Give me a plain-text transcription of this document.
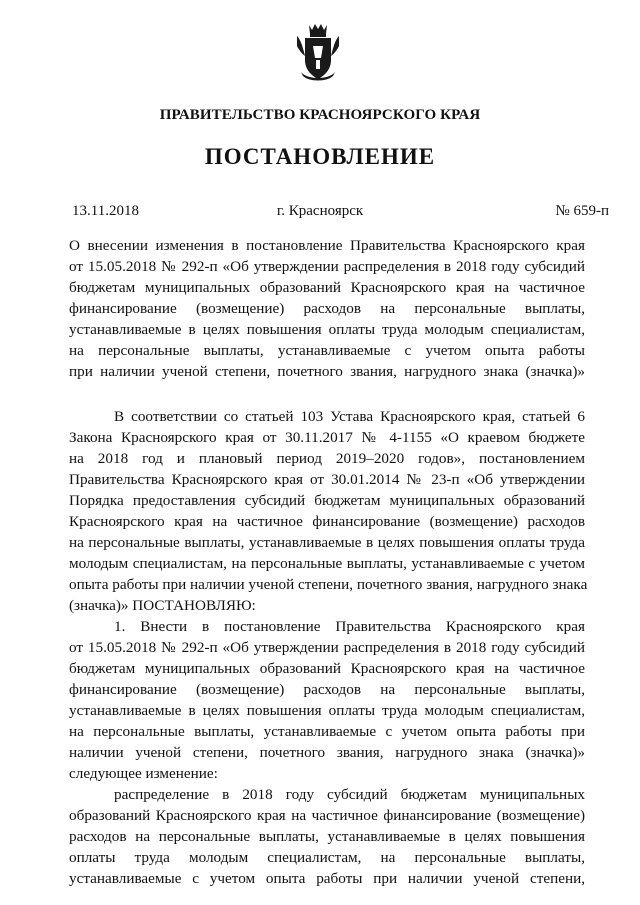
ПРАВИТЕЛЬСТВО КРАСНОЯРСКОГО КРАЯ
ПОСТАНОВЛЕНИЕ
г. Красноярск
13.11.2018	№ 659-п

О внесении изменения в постановление Правительства Красноярского края

от 15.05.2018 № 292-п «Об утверждении распределения в 2018 году субсидий

бюджетам муниципальных образований Красноярского края на частичное

финансирование (возмещение) расходов на персональные выплаты,

устанавливаемые в целях повышения оплаты труда молодым специалистам,

на персональные выплаты, устанавливаемые с учетом опыта работы

при наличии ученой степени, почетного звания, нагрудного знака (значка)»

В соответствии со статьей 103 Устава Красноярского края, статьей 6

Закона Красноярского края от 30.11.2017 № 4-1155 «О краевом бюджете

на 2018 год и плановый период 2019–2020 годов», постановлением

Правительства Красноярского края от 30.01.2014 № 23-п «Об утверждении

Порядка предоставления субсидий бюджетам муниципальных образований

Красноярского края на частичное финансирование (возмещение) расходов

на персональные выплаты, устанавливаемые в целях повышения оплаты труда

молодым специалистам, на персональные выплаты, устанавливаемые с учетом

опыта работы при наличии ученой степени, почетного звания, нагрудного знака

(значка)» ПОСТАНОВЛЯЮ:

1. Внести в постановление Правительства Красноярского края

от 15.05.2018 № 292-п «Об утверждении распределения в 2018 году субсидий

бюджетам муниципальных образований Красноярского края на частичное

финансирование (возмещение) расходов на персональные выплаты,

устанавливаемые в целях повышения оплаты труда молодым специалистам,

на персональные выплаты, устанавливаемые с учетом опыта работы при

наличии ученой степени, почетного звания, нагрудного знака (значка)»

следующее изменение:

распределение в 2018 году субсидий бюджетам муниципальных

образований Красноярского края на частичное финансирование (возмещение)

расходов на персональные выплаты, устанавливаемые в целях повышения

оплаты труда молодым специалистам, на персональные выплаты,

устанавливаемые с учетом опыта работы при наличии ученой степени,
